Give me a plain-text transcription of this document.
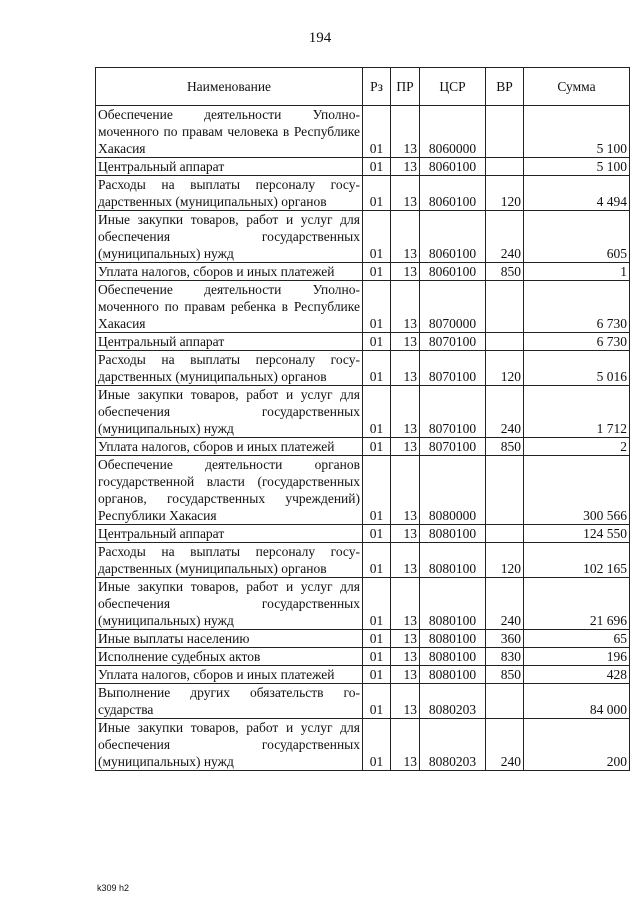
194
Наименование	Рз	ПР	ЦСР	ВР	Сумма
Обеспечение деятельности Уполномоченного по правам человека в Республике Хакасия	01	13	8060000		5 100
Центральный аппарат	01	13	8060100		5 100
Расходы на выплаты персоналу государственных (муниципальных) органов	01	13	8060100	120	4 494
Иные закупки товаров, работ и услуг для обеспечения государственных (муниципальных) нужд	01	13	8060100	240	605
Уплата налогов, сборов и иных платежей	01	13	8060100	850	1
Обеспечение деятельности Уполномоченного по правам ребенка в Республике Хакасия	01	13	8070000		6 730
Центральный аппарат	01	13	8070100		6 730
Расходы на выплаты персоналу государственных (муниципальных) органов	01	13	8070100	120	5 016
Иные закупки товаров, работ и услуг для обеспечения государственных (муниципальных) нужд	01	13	8070100	240	1 712
Уплата налогов, сборов и иных платежей	01	13	8070100	850	2
Обеспечение деятельности органов государственной власти (государственных органов, государственных учреждений) Республики Хакасия	01	13	8080000		300 566
Центральный аппарат	01	13	8080100		124 550
Расходы на выплаты персоналу государственных (муниципальных) органов	01	13	8080100	120	102 165
Иные закупки товаров, работ и услуг для обеспечения государственных (муниципальных) нужд	01	13	8080100	240	21 696
Иные выплаты населению	01	13	8080100	360	65
Исполнение судебных актов	01	13	8080100	830	196
Уплата налогов, сборов и иных платежей	01	13	8080100	850	428
Выполнение других обязательств государства	01	13	8080203		84 000
Иные закупки товаров, работ и услуг для обеспечения государственных (муниципальных) нужд	01	13	8080203	240	200
k309 h2
